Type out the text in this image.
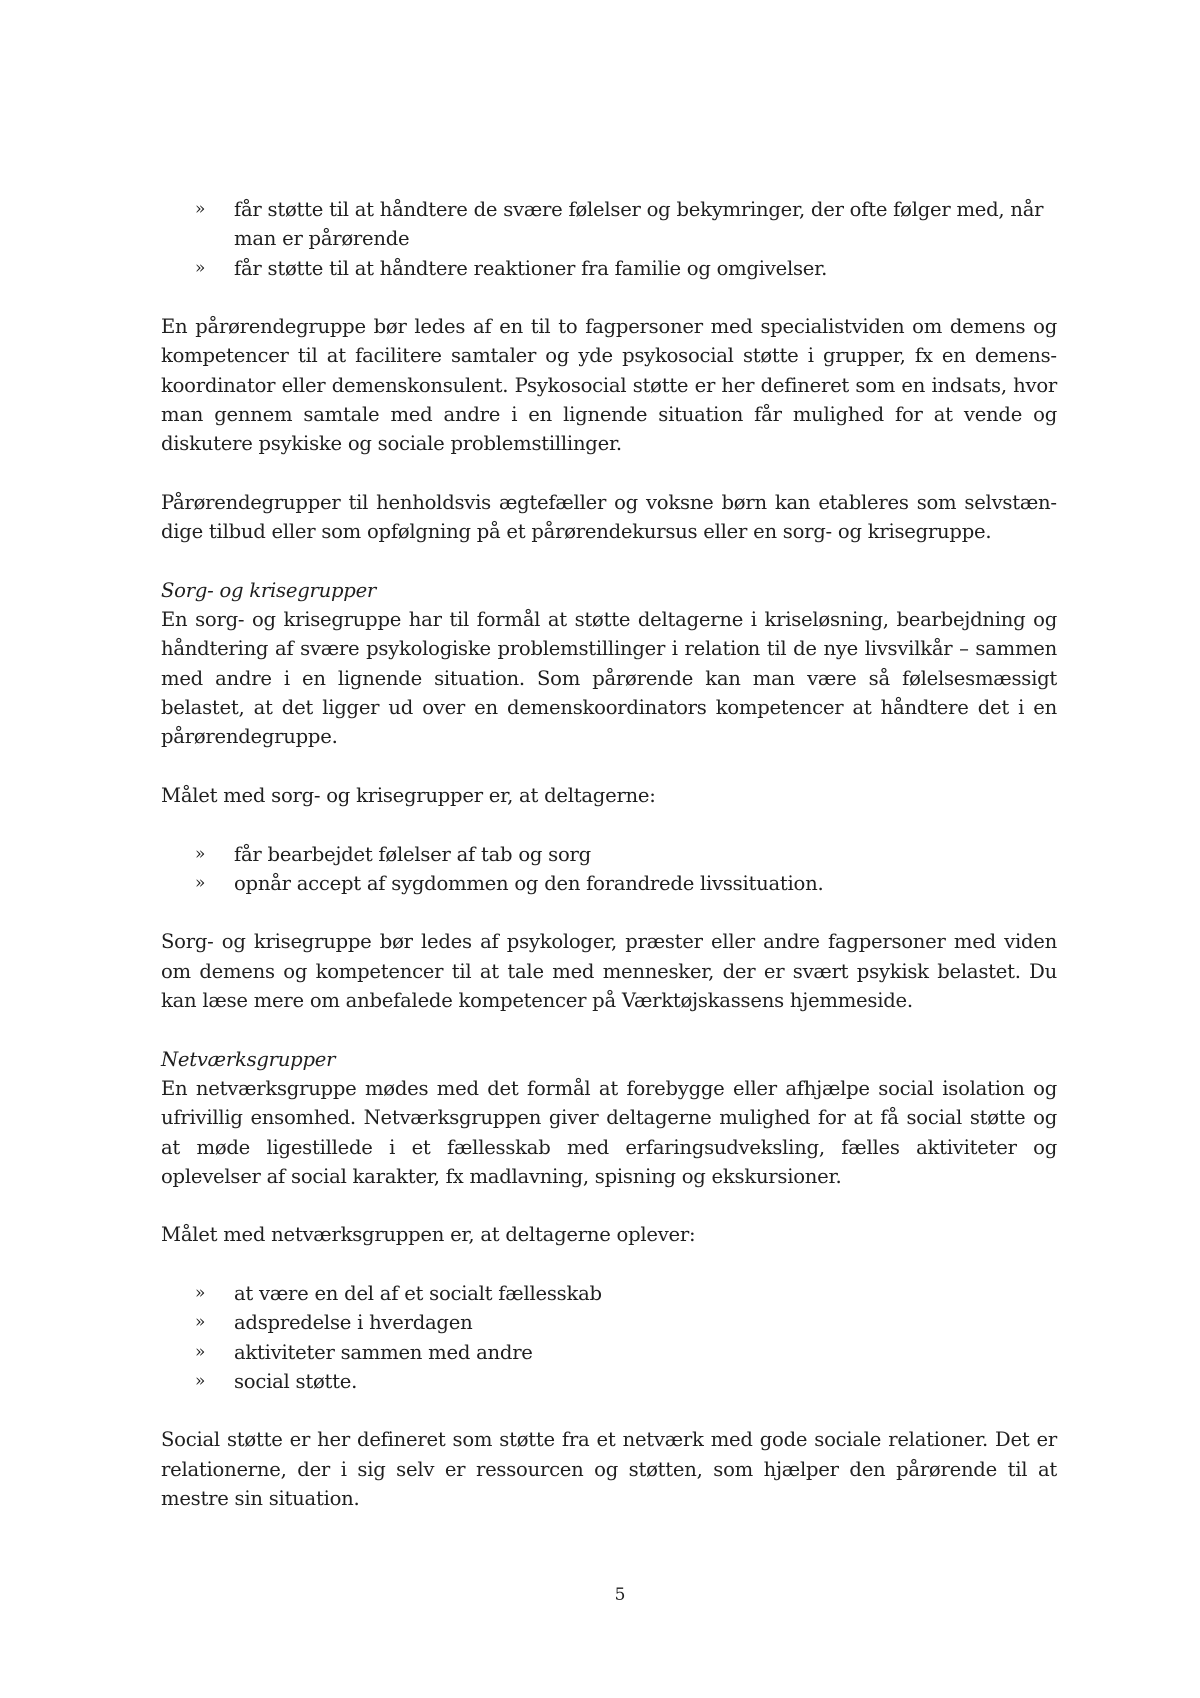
» får støtte til at håndtere de svære følelser og bekymringer, der ofte følger med, når man er pårørende
» får støtte til at håndtere reaktioner fra familie og omgivelser.

En pårørendegruppe bør ledes af en til to fagpersoner med specialistviden om demens og kompetencer til at facilitere samtaler og yde psykosocial støtte i grupper, fx en demenskoordinator eller demenskonsulent. Psykosocial støtte er her defineret som en indsats, hvor man gennem samtale med andre i en lignende situation får mulighed for at vende og diskutere psykiske og sociale problemstillinger.

Pårørendegrupper til henholdsvis ægtefæller og voksne børn kan etableres som selvstændige tilbud eller som opfølgning på et pårørendekursus eller en sorg- og krisegruppe.

Sorg- og krisegrupper

En sorg- og krisegruppe har til formål at støtte deltagerne i kriseløsning, bearbejdning og håndtering af svære psykologiske problemstillinger i relation til de nye livsvilkår – sammen med andre i en lignende situation. Som pårørende kan man være så følelsesmæssigt belastet, at det ligger ud over en demenskoordinators kompetencer at håndtere det i en pårørendegruppe.

Målet med sorg- og krisegrupper er, at deltagerne:

» får bearbejdet følelser af tab og sorg
» opnår accept af sygdommen og den forandrede livssituation.

Sorg- og krisegruppe bør ledes af psykologer, præster eller andre fagpersoner med viden om demens og kompetencer til at tale med mennesker, der er svært psykisk belastet. Du kan læse mere om anbefalede kompetencer på Værktøjskassens hjemmeside.

Netværksgrupper

En netværksgruppe mødes med det formål at forebygge eller afhjælpe social isolation og ufrivillig ensomhed. Netværksgruppen giver deltagerne mulighed for at få social støtte og at møde ligestillede i et fællesskab med erfaringsudveksling, fælles aktiviteter og oplevelser af social karakter, fx madlavning, spisning og ekskursioner.

Målet med netværksgruppen er, at deltagerne oplever:

» at være en del af et socialt fællesskab
» adspredelse i hverdagen
» aktiviteter sammen med andre
» social støtte.

Social støtte er her defineret som støtte fra et netværk med gode sociale relationer. Det er relationerne, der i sig selv er ressourcen og støtten, som hjælper den pårørende til at mestre sin situation.

5
